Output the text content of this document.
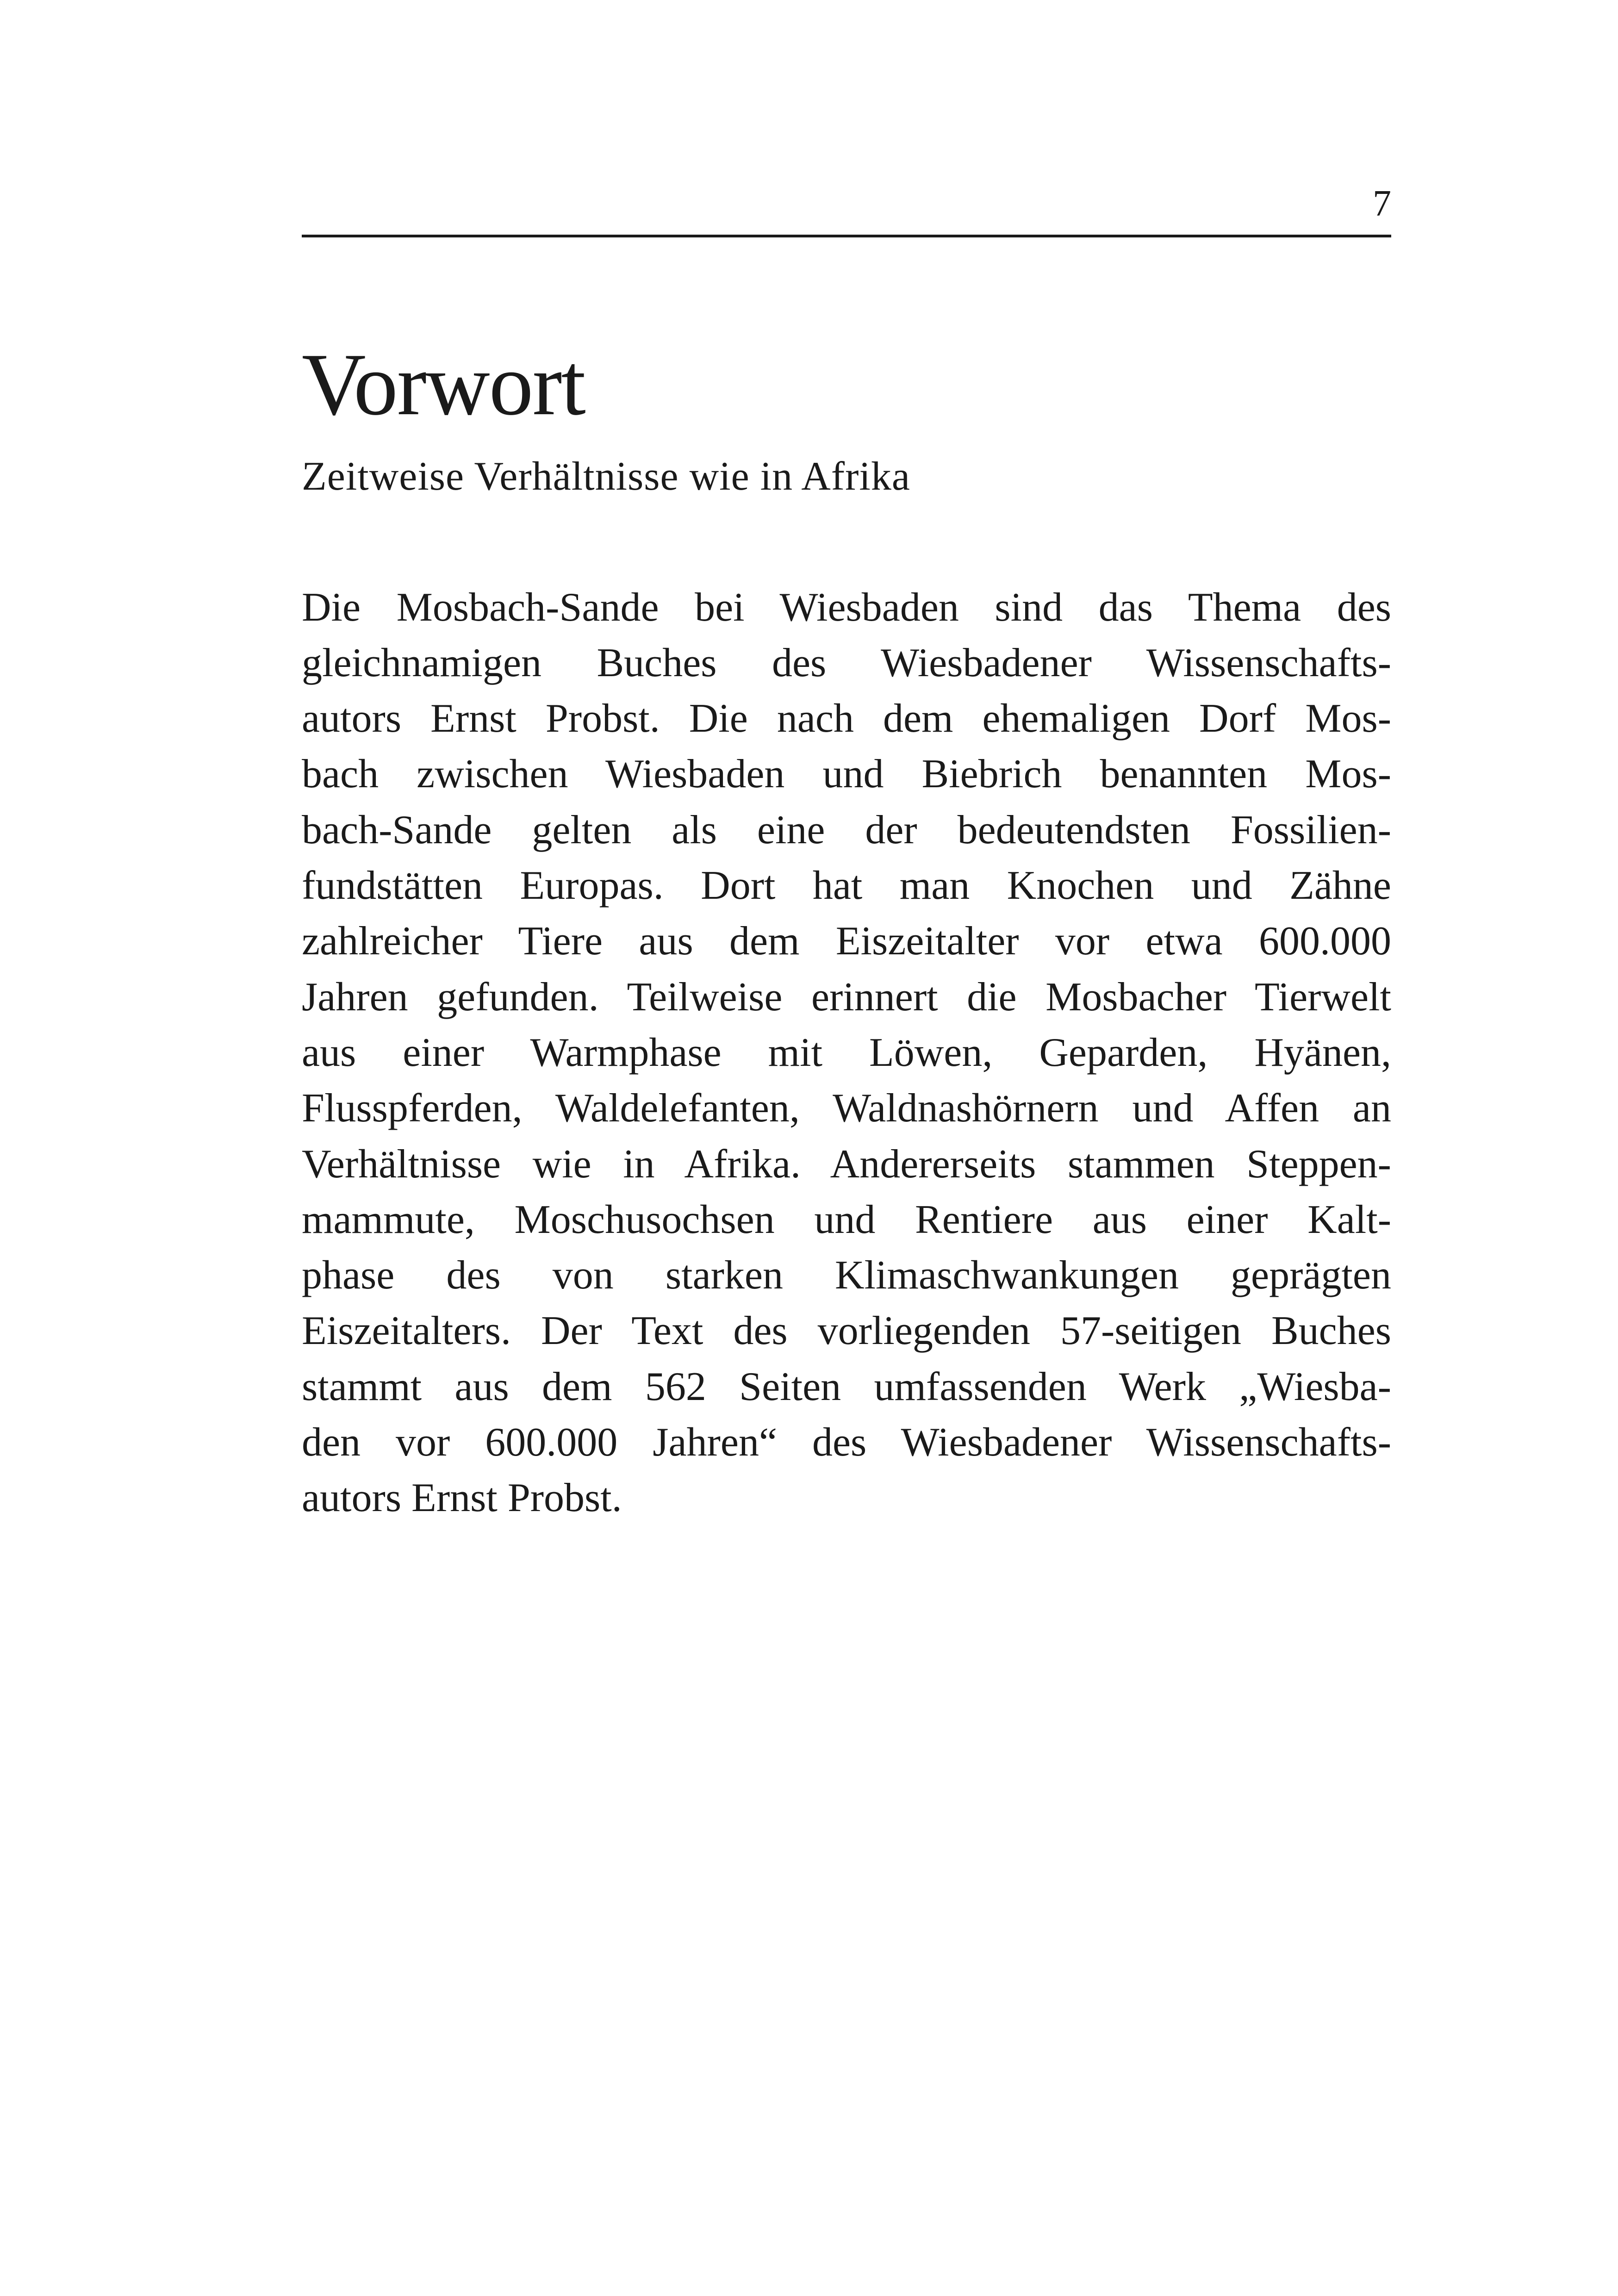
7
Vorwort
Zeitweise Verhältnisse wie in Afrika
Die Mosbach-Sande bei Wiesbaden sind das Thema des
gleichnamigen Buches des Wiesbadener Wissenschafts-
autors Ernst Probst. Die nach dem ehemaligen Dorf Mos-
bach zwischen Wiesbaden und Biebrich benannten Mos-
bach-Sande gelten als eine der bedeutendsten Fossilien-
fundstätten Europas. Dort hat man Knochen und Zähne
zahlreicher Tiere aus dem Eiszeitalter vor etwa 600.000
Jahren gefunden. Teilweise erinnert die Mosbacher Tierwelt
aus einer Warmphase mit Löwen, Geparden, Hyänen,
Flusspferden, Waldelefanten, Waldnashörnern und Affen an
Verhältnisse wie in Afrika. Andererseits stammen Steppen-
mammute, Moschusochsen und Rentiere aus einer Kalt-
phase des von starken Klimaschwankungen geprägten
Eiszeitalters. Der Text des vorliegenden 57-seitigen Buches
stammt aus dem 562 Seiten umfassenden Werk „Wiesba-
den vor 600.000 Jahren“ des Wiesbadener Wissenschafts-
autors Ernst Probst.
